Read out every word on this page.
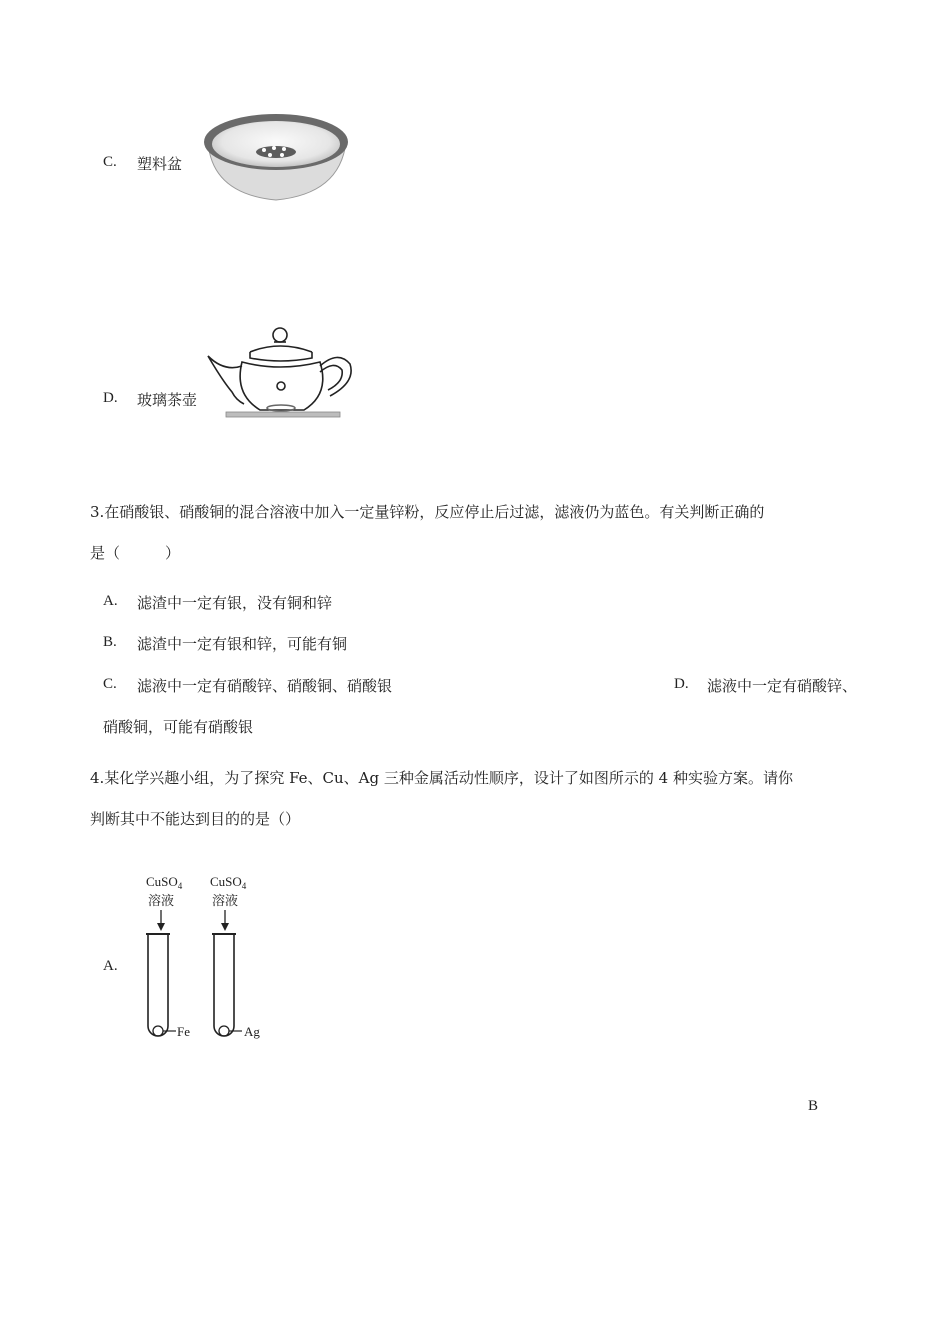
C. 塑料盆
D. 玻璃茶壶
3.在硝酸银、硝酸铜的混合溶液中加入一定量锌粉，反应停止后过滤，滤液仍为蓝色。有关判断正确的
是（　　　）
A. 滤渣中一定有银，没有铜和锌
B. 滤渣中一定有银和锌，可能有铜
C. 滤液中一定有硝酸锌、硝酸铜、硝酸银	D. 滤液中一定有硝酸锌、
硝酸铜，可能有硝酸银
4.某化学兴趣小组，为了探究 Fe、Cu、Ag 三种金属活动性顺序，设计了如图所示的 4 种实验方案。请你
判断其中不能达到目的的是（）
A.
CuSO$_4$
溶液
Fe
CuSO$_4$
溶液
Ag
B
